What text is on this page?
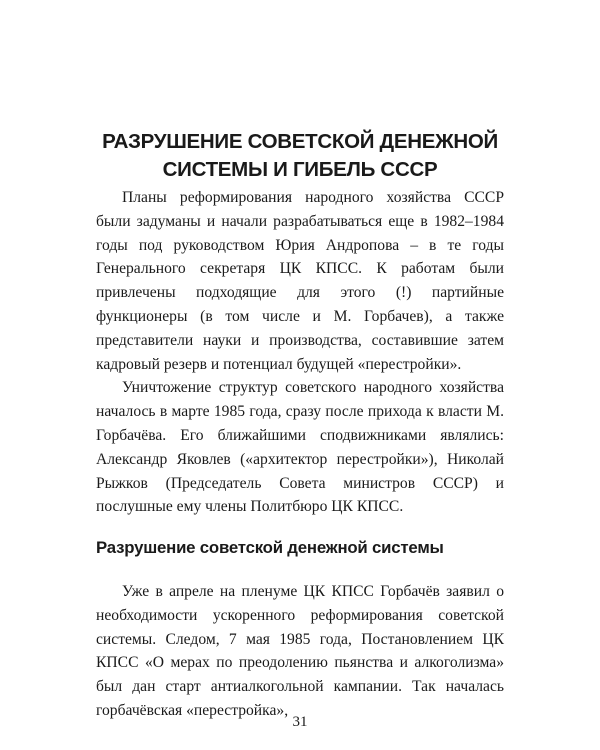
РАЗРУШЕНИЕ СОВЕТСКОЙ ДЕНЕЖНОЙ
СИСТЕМЫ И ГИБЕЛЬ СССР

Планы реформирования народного хозяйства СССР были задуманы и начали разрабатываться еще в 1982–1984 годы под руководством Юрия Андропова – в те годы Генерального секретаря ЦК КПСС. К работам были привлечены подходящие для этого (!) партийные функционеры (в том числе и М. Горбачев), а также представители науки и производства, составившие затем кадровый резерв и потенциал будущей «перестройки».

Уничтожение структур советского народного хозяйства началось в марте 1985 года, сразу после прихода к власти М. Горбачёва. Его ближайшими сподвижниками являлись: Александр Яковлев («архитектор перестройки»), Николай Рыжков (Председатель Совета министров СССР) и послушные ему члены Политбюро ЦК КПСС.

Разрушение советской денежной системы

Уже в апреле на пленуме ЦК КПСС Горбачёв заявил о необходимости ускоренного реформирования советской системы. Следом, 7 мая 1985 года, Постановлением ЦК КПСС «О мерах по преодолению пьянства и алкоголизма» был дан старт антиалкогольной кампании. Так началась горбачёвская «перестройка»,

31
